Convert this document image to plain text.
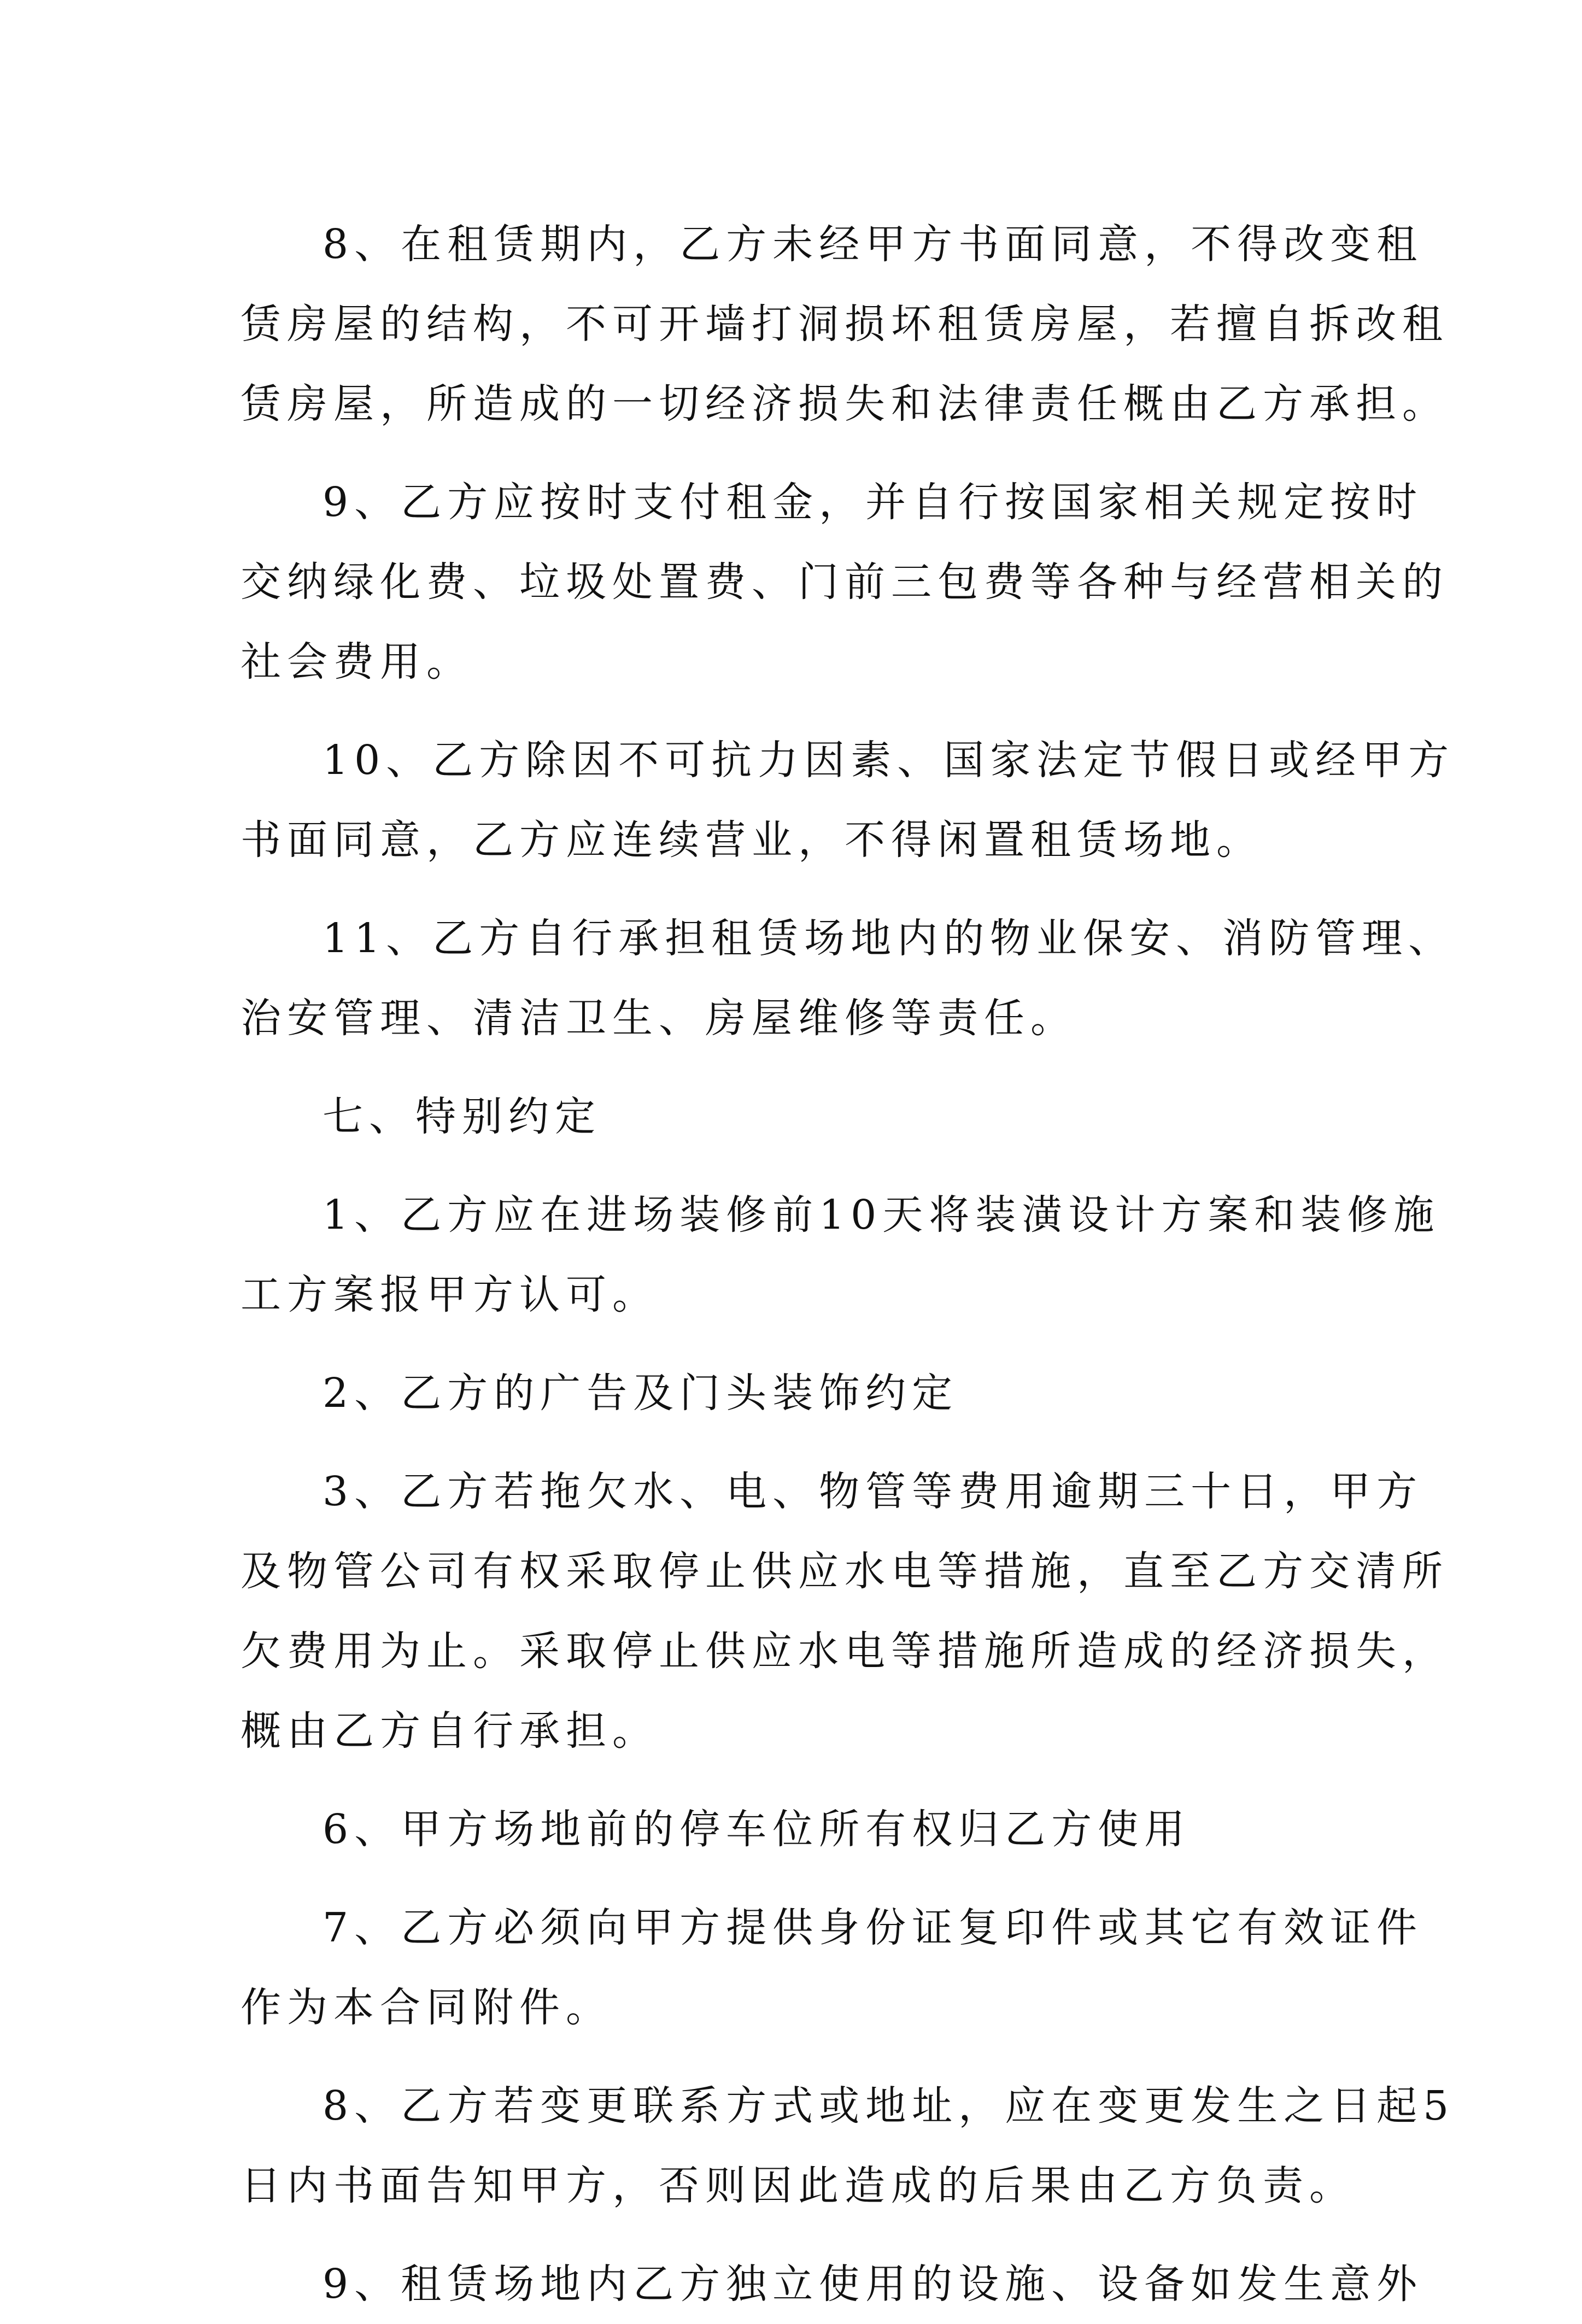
8、在租赁期内，乙方未经甲方书面同意，不得改变租
赁房屋的结构，不可开墙打洞损坏租赁房屋，若擅自拆改租
赁房屋，所造成的一切经济损失和法律责任概由乙方承担。
9、乙方应按时支付租金，并自行按国家相关规定按时
交纳绿化费、垃圾处置费、门前三包费等各种与经营相关的
社会费用。
10、乙方除因不可抗力因素、国家法定节假日或经甲方
书面同意，乙方应连续营业，不得闲置租赁场地。
11、乙方自行承担租赁场地内的物业保安、消防管理、
治安管理、清洁卫生、房屋维修等责任。
七、特别约定
1、乙方应在进场装修前10天将装潢设计方案和装修施
工方案报甲方认可。
2、乙方的广告及门头装饰约定
3、乙方若拖欠水、电、物管等费用逾期三十日，甲方
及物管公司有权采取停止供应水电等措施，直至乙方交清所
欠费用为止。采取停止供应水电等措施所造成的经济损失，
概由乙方自行承担。
6、甲方场地前的停车位所有权归乙方使用
7、乙方必须向甲方提供身份证复印件或其它有效证件
作为本合同附件。
8、乙方若变更联系方式或地址，应在变更发生之日起5
日内书面告知甲方，否则因此造成的后果由乙方负责。
9、租赁场地内乙方独立使用的设施、设备如发生意外
